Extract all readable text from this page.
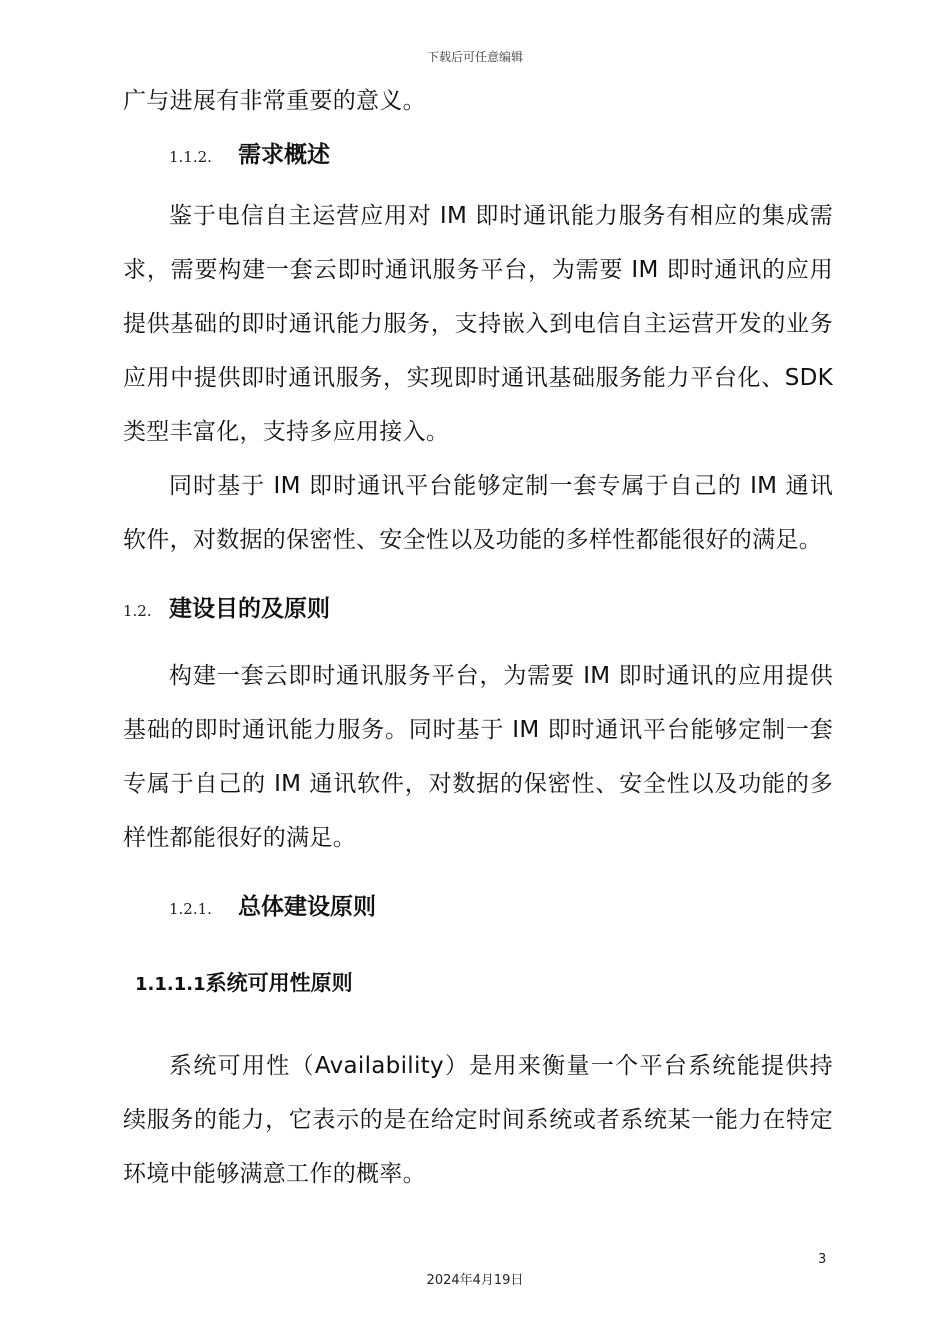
下载后可任意编辑

广与进展有非常重要的意义。

1.1.2.	需求概述

鉴于电信自主运营应用对 IM 即时通讯能力服务有相应的集成需求，需要构建一套云即时通讯服务平台，为需要 IM 即时通讯的应用提供基础的即时通讯能力服务，支持嵌入到电信自主运营开发的业务应用中提供即时通讯服务，实现即时通讯基础服务能力平台化、SDK 类型丰富化，支持多应用接入。

同时基于 IM 即时通讯平台能够定制一套专属于自己的 IM 通讯软件，对数据的保密性、安全性以及功能的多样性都能很好的满足。

1.2. 建设目的及原则

构建一套云即时通讯服务平台，为需要 IM 即时通讯的应用提供基础的即时通讯能力服务。同时基于 IM 即时通讯平台能够定制一套专属于自己的 IM 通讯软件，对数据的保密性、安全性以及功能的多样性都能很好的满足。

1.2.1.	总体建设原则
1.1.1.1 系统可用性原则

系统可用性（Availability）是用来衡量一个平台系统能提供持续服务的能力，它表示的是在给定时间系统或者系统某一能力在特定环境中能够满意工作的概率。

3
2024年4月19日
